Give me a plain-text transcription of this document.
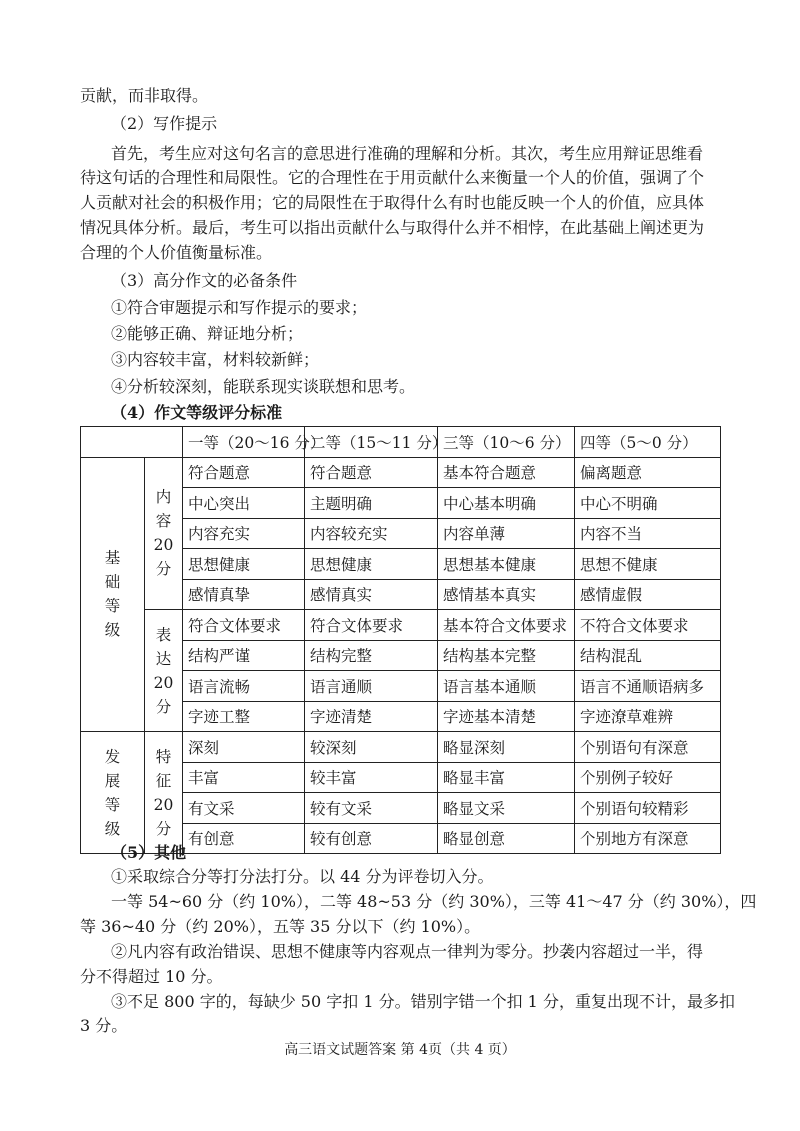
贡献，而非取得。
（2）写作提示
首先，考生应对这句名言的意思进行准确的理解和分析。其次，考生应用辩证思维看
待这句话的合理性和局限性。它的合理性在于用贡献什么来衡量一个人的价值，强调了个
人贡献对社会的积极作用；它的局限性在于取得什么有时也能反映一个人的价值，应具体
情况具体分析。最后，考生可以指出贡献什么与取得什么并不相悖，在此基础上阐述更为
合理的个人价值衡量标准。
（3）高分作文的必备条件
①符合审题提示和写作提示的要求；
②能够正确、辩证地分析；
③内容较丰富，材料较新鲜；
④分析较深刻，能联系现实谈联想和思考。
（4）作文等级评分标准
		一等（20～16 分）	二等（15～11 分）	三等（10～6 分）	四等（5～0 分）

基
础
等
级	内
容
20
分	符合题意	符合题意	基本符合题意	偏离题意
		中心突出	主题明确	中心基本明确	中心不明确
		内容充实	内容较充实	内容单薄	内容不当
		思想健康	思想健康	思想基本健康	思想不健康
		感情真挚	感情真实	感情基本真实	感情虚假

	表
达
20
分	符合文体要求	符合文体要求	基本符合文体要求	不符合文体要求
		结构严谨	结构完整	结构基本完整	结构混乱
		语言流畅	语言通顺	语言基本通顺	语言不通顺语病多
		字迹工整	字迹清楚	字迹基本清楚	字迹潦草难辨

发
展
等
级	特
征
20
分	深刻	较深刻	略显深刻	个别语句有深意
		丰富	较丰富	略显丰富	个别例子较好
		有文采	较有文采	略显文采	个别语句较精彩
		有创意	较有创意	略显创意	个别地方有深意
（5）其他
①采取综合分等打分法打分。以 44 分为评卷切入分。
一等 54~60 分（约 10%），二等 48~53 分（约 30%），三等 41～47 分（约 30%），四
等 36~40 分（约 20%），五等 35 分以下（约 10%）。
②凡内容有政治错误、思想不健康等内容观点一律判为零分。抄袭内容超过一半，得
分不得超过 10 分。
③不足 800 字的，每缺少 50 字扣 1 分。错别字错一个扣 1 分，重复出现不计，最多扣
3 分。
高三语文试题答案 第 4页（共 4 页）
